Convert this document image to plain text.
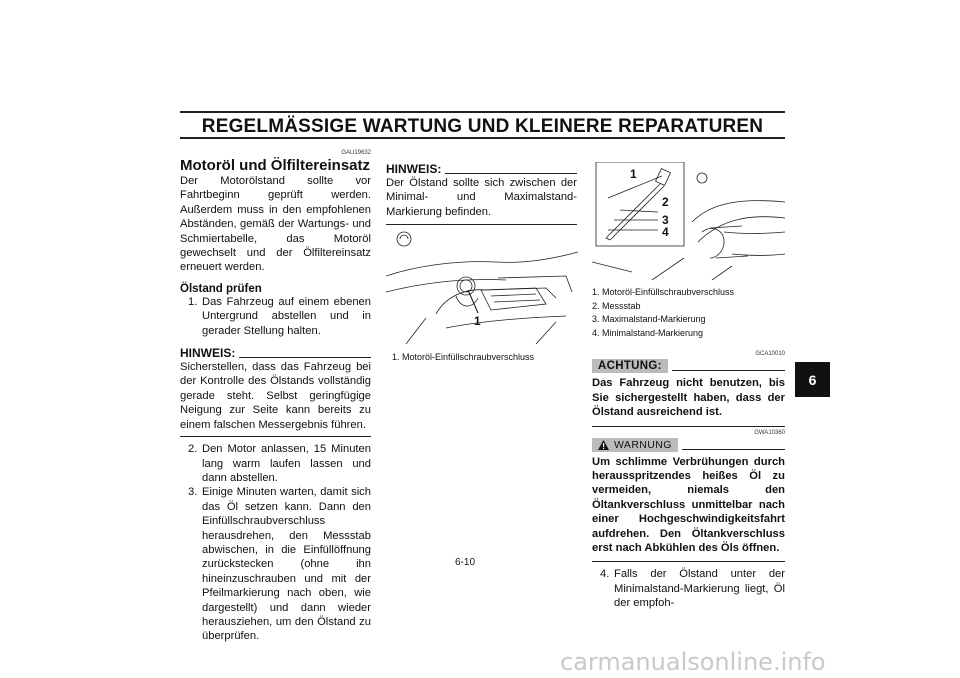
REGELMÄSSIGE WARTUNG UND KLEINERE REPARATUREN
6
GAU19632
Motoröl und Ölfiltereinsatz
Der Motorölstand sollte vor Fahrtbeginn geprüft werden. Außerdem muss in den empfohlenen Abständen, gemäß der Wartungs- und Schmiertabelle, das Motoröl gewechselt und der Ölfiltereinsatz erneuert werden.
Ölstand prüfen
1. Das Fahrzeug auf einem ebenen Untergrund abstellen und in gerader Stellung halten.
HINWEIS:
Sicherstellen, dass das Fahrzeug bei der Kontrolle des Ölstands vollständig gerade steht. Selbst geringfügige Neigung zur Seite kann bereits zu einem falschen Messergebnis führen.
2. Den Motor anlassen, 15 Minuten lang warm laufen lassen und dann abstellen.
3. Einige Minuten warten, damit sich das Öl setzen kann. Dann den Einfüllschraubverschluss herausdrehen, den Messstab abwischen, in die Einfüllöffnung zurückstecken (ohne ihn hineinzuschrauben und mit der Pfeilmarkierung nach oben, wie dargestellt) und dann wieder herausziehen, um den Ölstand zu überprüfen.
HINWEIS:
Der Ölstand sollte sich zwischen der Minimal- und Maximalstand-Markierung befinden.
1
1. Motoröl-Einfüllschraubverschluss
1
2
3
4
1. Motoröl-Einfüllschraubverschluss
2. Messstab
3. Maximalstand-Markierung
4. Minimalstand-Markierung
GCA10010
ACHTUNG:
Das Fahrzeug nicht benutzen, bis Sie sichergestellt haben, dass der Ölstand ausreichend ist.
GWA10360
WARNUNG
Um schlimme Verbrühungen durch herausspritzendes heißes Öl zu vermeiden, niemals den Öltankverschluss unmittelbar nach einer Hochgeschwindigkeitsfahrt aufdrehen. Den Öltankverschluss erst nach Abkühlen des Öls öffnen.
4. Falls der Ölstand unter der Minimalstand-Markierung liegt, Öl der empfoh-
6-10
carmanualsonline.info
